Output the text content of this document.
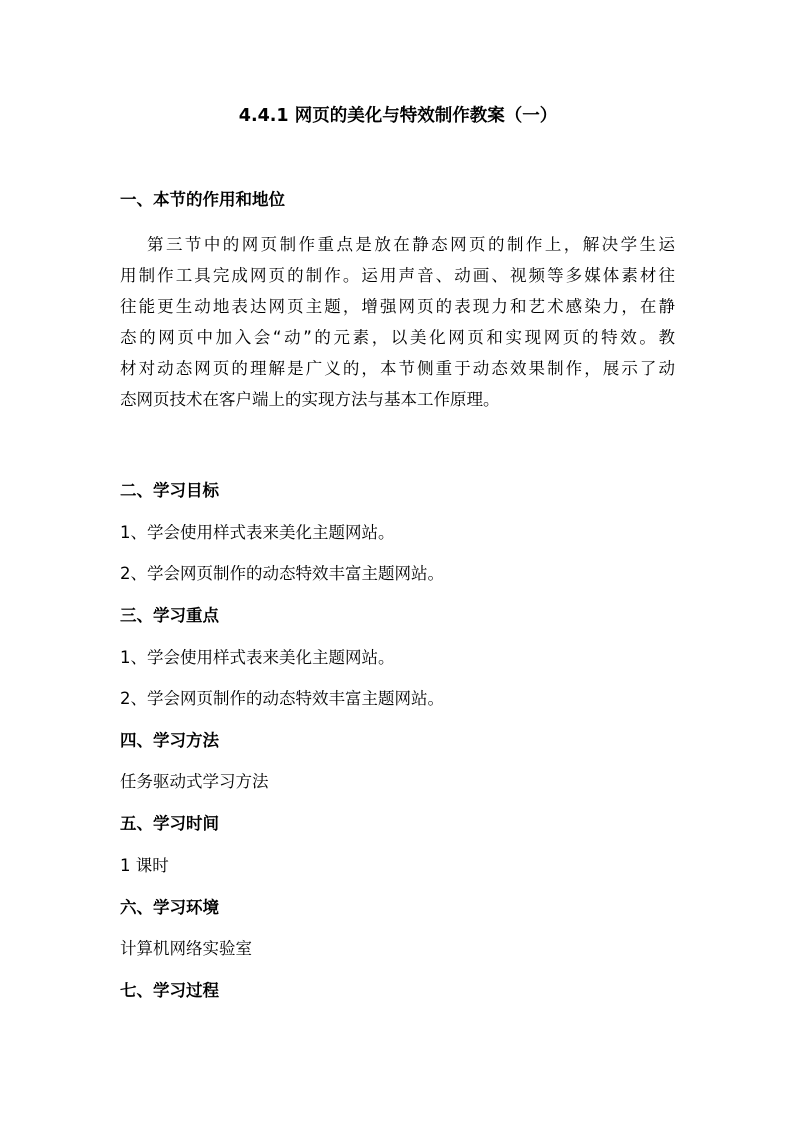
4.4.1 网页的美化与特效制作教案（一）
一、本节的作用和地位
第三节中的网页制作重点是放在静态网页的制作上，解决学生运
用制作工具完成网页的制作。运用声音、动画、视频等多媒体素材往
往能更生动地表达网页主题，增强网页的表现力和艺术感染力，在静
态的网页中加入会“动”的元素，以美化网页和实现网页的特效。教
材对动态网页的理解是广义的，本节侧重于动态效果制作，展示了动
态网页技术在客户端上的实现方法与基本工作原理。
二、学习目标
1、学会使用样式表来美化主题网站。
2、学会网页制作的动态特效丰富主题网站。
三、学习重点
1、学会使用样式表来美化主题网站。
2、学会网页制作的动态特效丰富主题网站。
四、学习方法
任务驱动式学习方法
五、学习时间
1 课时
六、学习环境
计算机网络实验室
七、学习过程
